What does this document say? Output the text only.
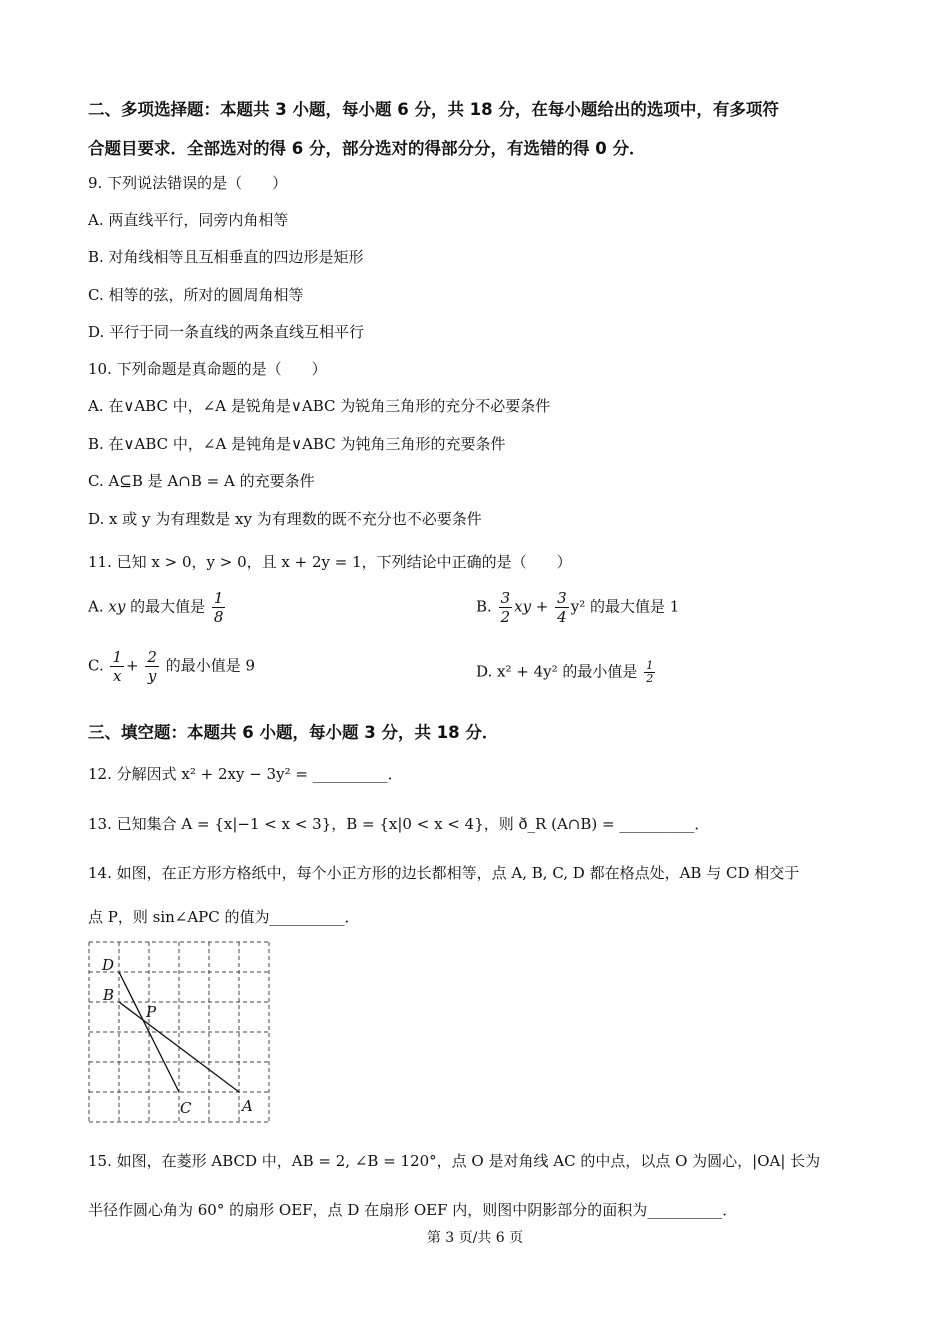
二、多项选择题：本题共 3 小题，每小题 6 分，共 18 分，在每小题给出的选项中，有多项符
合题目要求．全部选对的得 6 分，部分选对的得部分分，有选错的得 0 分．
9. 下列说法错误的是（　　）
A. 两直线平行，同旁内角相等
B. 对角线相等且互相垂直的四边形是矩形
C. 相等的弦，所对的圆周角相等
D. 平行于同一条直线的两条直线互相平行
10. 下列命题是真命题的是（　　）
A. 在∨ABC 中，∠A 是锐角是∨ABC 为锐角三角形的充分不必要条件
B. 在∨ABC 中，∠A 是钝角是∨ABC 为钝角三角形的充要条件
C. A⊆B 是 A∩B = A 的充要条件
D. x 或 y 为有理数是 xy 为有理数的既不充分也不必要条件
11. 已知 x > 0，y > 0，且 x + 2y = 1，下列结论中正确的是（　　）
A. xy 的最大值是 $\frac{1}{8}$	B. $\frac{3}{2}$ xy + $\frac{3}{4} y^2$ 的最大值是 1
C. $\frac{1}{x} + \frac{2}{y}$ 的最小值是 9	D. x² + 4y² 的最小值是 $\frac{1}{2}$
三、填空题：本题共 6 小题，每小题 3 分，共 18 分．
12. 分解因式 x² + 2xy − 3y² = __________．
13. 已知集合 A = {x|−1 < x < 3}，B = {x|0 < x < 4}，则 ð_R (A∩B) = __________．
14. 如图，在正方形方格纸中，每个小正方形的边长都相等，点 A, B, C, D 都在格点处，AB 与 CD 相交于
点 P，则 sin∠APC 的值为__________．
D
B
P
C	A
15. 如图，在菱形 ABCD 中，AB = 2, ∠B = 120°，点 O 是对角线 AC 的中点，以点 O 为圆心，|OA| 长为
半径作圆心角为 60° 的扇形 OEF，点 D 在扇形 OEF 内，则图中阴影部分的面积为__________．
第 3 页/共 6 页
